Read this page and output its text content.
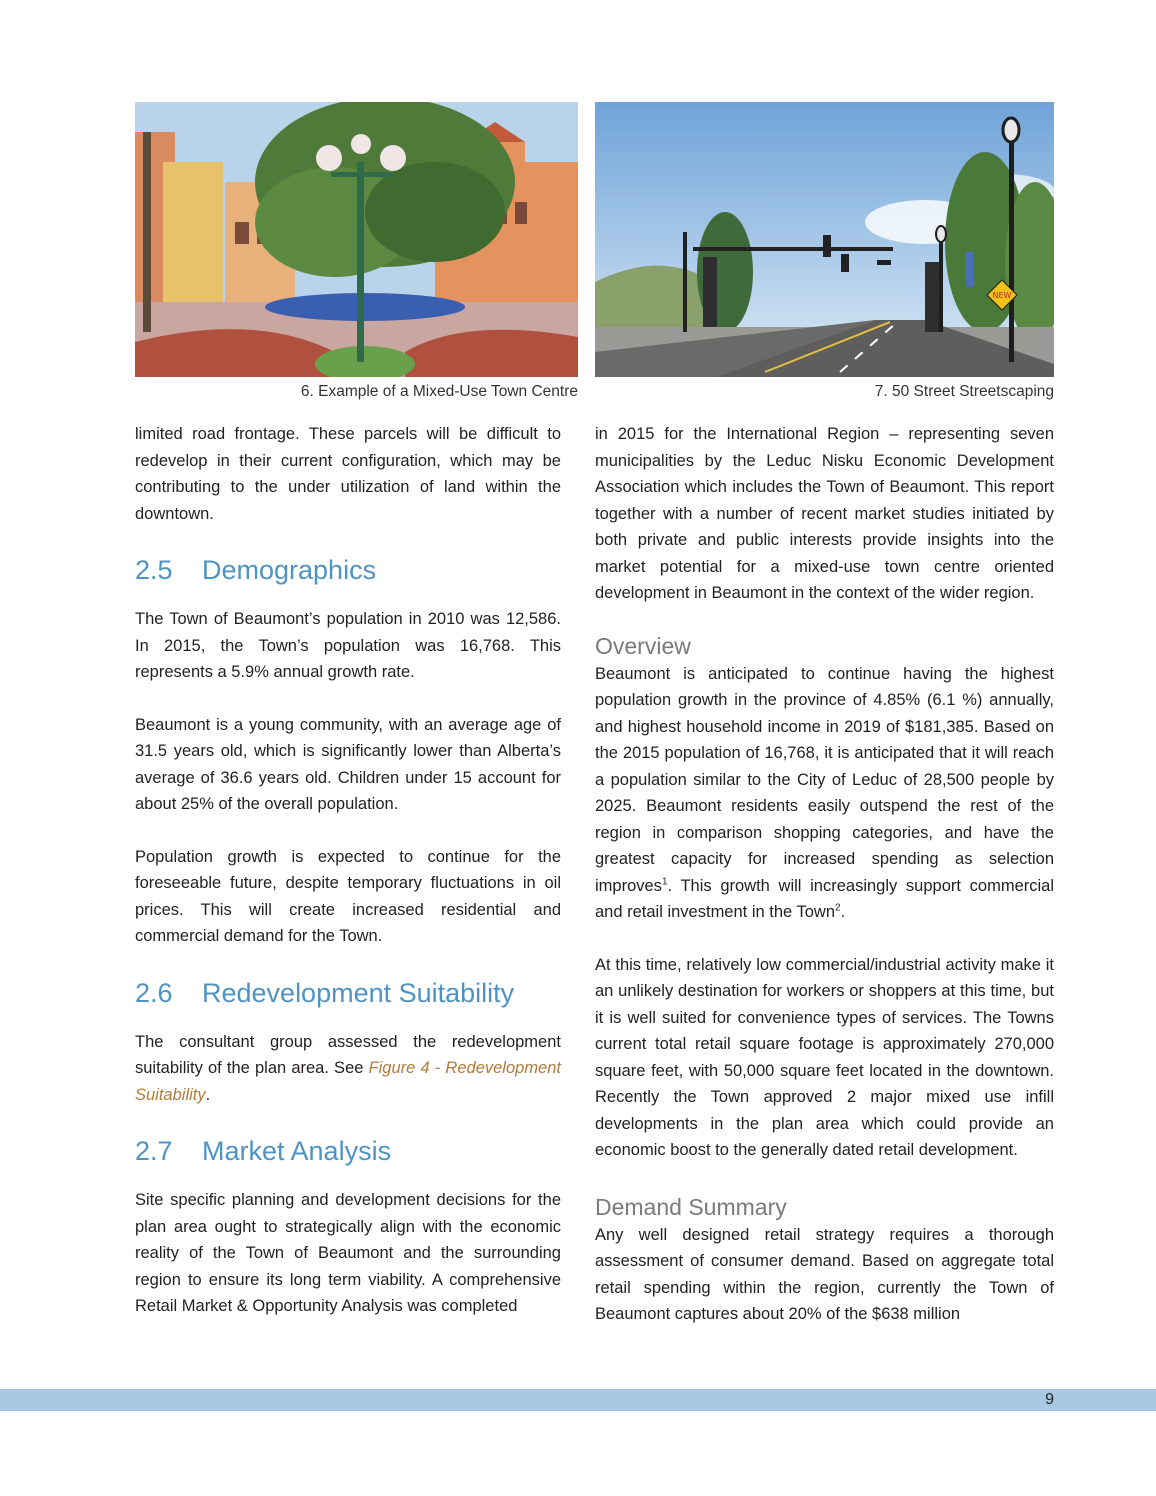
NEW
6. Example of a Mixed-Use Town Centre	7. 50 Street Streetscaping

limited road frontage. These parcels will be difficult to redevelop in their current configuration, which may be contributing to the under utilization of land within the downtown.

2.5 Demographics

The Town of Beaumont’s population in 2010 was 12,586. In 2015, the Town’s population was 16,768. This represents a 5.9% annual growth rate.

Beaumont is a young community, with an average age of 31.5 years old, which is significantly lower than Alberta’s average of 36.6 years old. Children under 15 account for about 25% of the overall population.

Population growth is expected to continue for the foreseeable future, despite temporary fluctuations in oil prices. This will create increased residential and commercial demand for the Town.

2.6 Redevelopment Suitability

The consultant group assessed the redevelopment suitability of the plan area. See Figure 4 - Redevelopment Suitability.

2.7 Market Analysis

Site specific planning and development decisions for the plan area ought to strategically align with the economic reality of the Town of Beaumont and the surrounding region to ensure its long term viability. A comprehensive Retail Market & Opportunity Analysis was completed

in 2015 for the International Region – representing seven municipalities by the Leduc Nisku Economic Development Association which includes the Town of Beaumont. This report together with a number of recent market studies initiated by both private and public interests provide insights into the market potential for a mixed-use town centre oriented development in Beaumont in the context of the wider region.

Overview

Beaumont is anticipated to continue having the highest population growth in the province of 4.85% (6.1 %) annually, and highest household income in 2019 of $181,385. Based on the 2015 population of 16,768, it is anticipated that it will reach a population similar to the City of Leduc of 28,500 people by 2025. Beaumont residents easily outspend the rest of the region in comparison shopping categories, and have the greatest capacity for increased spending as selection improves$^1$. This growth will increasingly support commercial and retail investment in the Town$^2$.

At this time, relatively low commercial/industrial activity make it an unlikely destination for workers or shoppers at this time, but it is well suited for convenience types of services. The Towns current total retail square footage is approximately 270,000 square feet, with 50,000 square feet located in the downtown. Recently the Town approved 2 major mixed use infill developments in the plan area which could provide an economic boost to the generally dated retail development.

Demand Summary

Any well designed retail strategy requires a thorough assessment of consumer demand. Based on aggregate total retail spending within the region, currently the Town of Beaumont captures about 20% of the $638 million

9
